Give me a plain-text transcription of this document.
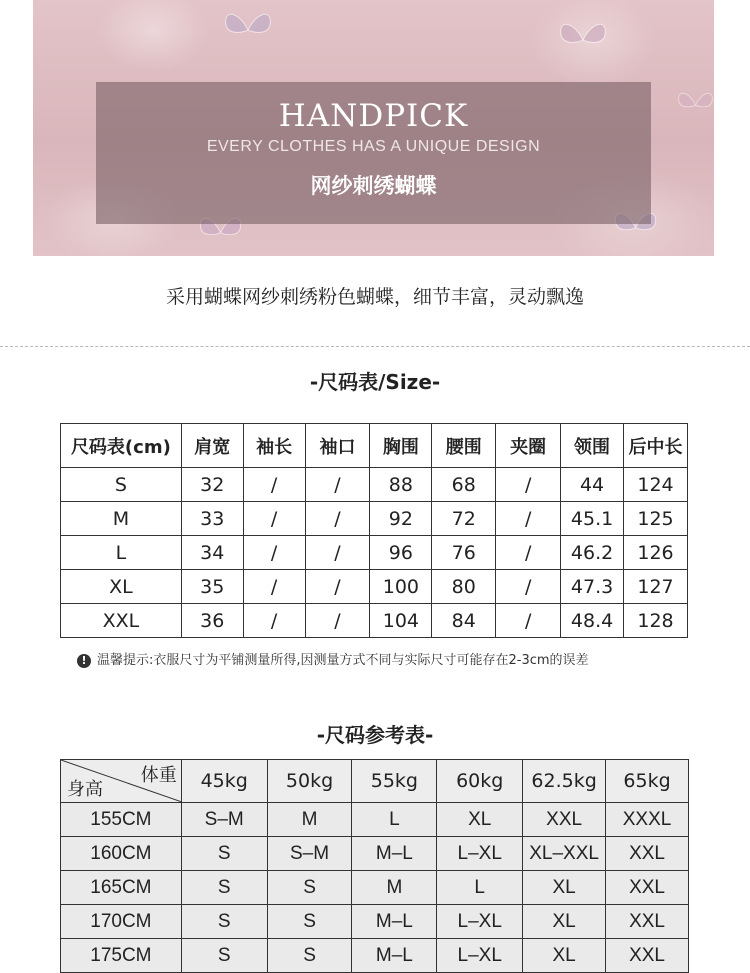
HANDPICK
EVERY CLOTHES HAS A UNIQUE DESIGN
网纱刺绣蝴蝶
采用蝴蝶网纱刺绣粉色蝴蝶，细节丰富，灵动飘逸
-尺码表/Size-
尺码表(cm)	肩宽	袖长	袖口	胸围	腰围	夹圈	领围	后中长
S	32	/	/	88	68	/	44	124
M	33	/	/	92	72	/	45.1	125
L	34	/	/	96	76	/	46.2	126
XL	35	/	/	100	80	/	47.3	127
XXL	36	/	/	104	84	/	48.4	128
! 温馨提示:衣服尺寸为平铺测量所得,因测量方式不同与实际尺寸可能存在2-3cm的误差
-尺码参考表-
体重
身高	45kg	50kg	55kg	60kg	62.5kg	65kg
155CM	S–M	M	L	XL	XXL	XXXL
160CM	S	S–M	M–L	L–XL	XL–XXL	XXL
165CM	S	S	M	L	XL	XXL
170CM	S	S	M–L	L–XL	XL	XXL
175CM	S	S	M–L	L–XL	XL	XXL
